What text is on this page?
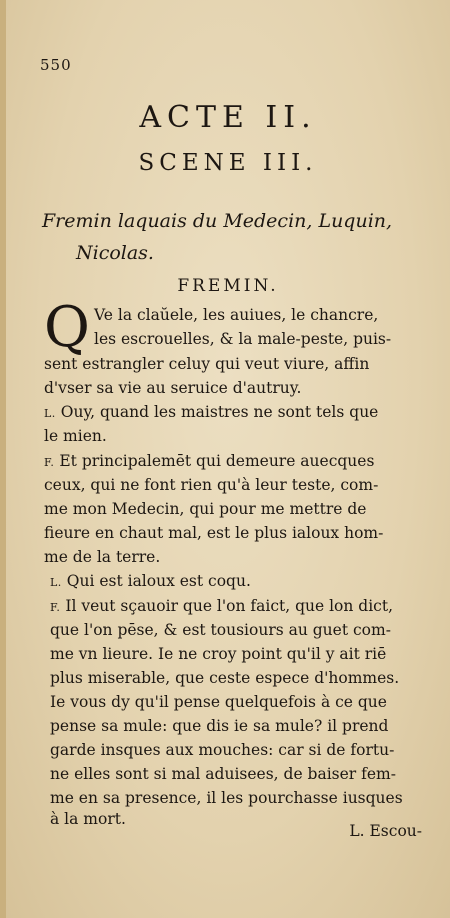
550
ACTE II.
SCENE III.
Fremin laquais du Medecin, Luquin,
Nicolas.
FREMIN.
Q Ve la claŭele, les auiues, le chancre,
les escrouelles, & la male-peste, puis-
sent estrangler celuy qui veut viure, affin
d'vser sa vie au seruice d'autruy.
L. Ouy, quand les maistres ne sont tels que
le mien.
F. Et principalemēt qui demeure auecques
ceux, qui ne font rien qu'à leur teste, com-
me mon Medecin, qui pour me mettre de
fieure en chaut mal, est le plus ialoux hom-
me de la terre.
L. Qui est ialoux est coqu.
F. Il veut sçauoir que l'on faict, que lon dict,
que l'on pēse, & est tousiours au guet com-
me vn lieure. Ie ne croy point qu'il y ait riē
plus miserable, que ceste espece d'hommes.
Ie vous dy qu'il pense quelquefois à ce que
pense sa mule: que dis ie sa mule? il prend
garde insques aux mouches: car si de fortu-
ne elles sont si mal aduisees, de baiser fem-
me en sa presence, il les pourchasse iusques
à la mort.
L. Escou-
